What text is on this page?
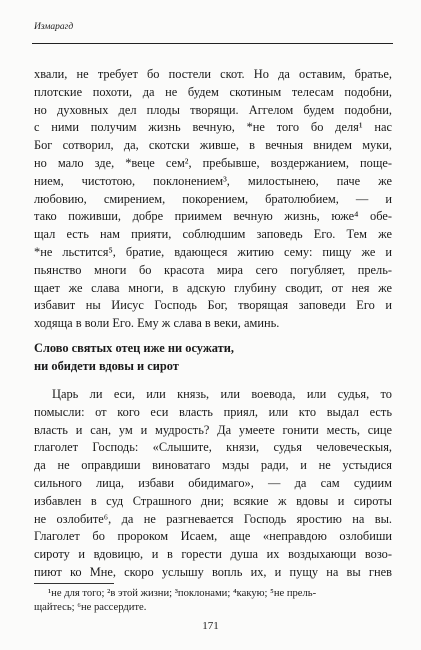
Измарагд
хвали, не требует бо постели скот. Но да оставим, братье,
плотские похоти, да не будем скотиным телесам подобни,
но духовных дел плоды творящи. Аггелом будем подобни,
с ними получим жизнь вечную, *не того бо деля¹ нас
Бог сотворил, да, скотски живше, в вечныя внидем муки,
но мало зде, *веце сем², пребывше, воздержанием, поще-
нием, чистотою, поклонением³, милостынею, паче же
любовию, смирением, покорением, братолюбием, — и
тако поживши, добре приимем вечную жизнь, юже⁴ обе-
щал есть нам прияти, соблюдшим заповедь Его. Тем же
*не льстится⁵, братие, вдающеся житию сему: пищу же и
пьянство многи бо красота мира сего погубляет, прель-
щает же слава многи, в адскую глубину сводит, от нея же
избавит ны Иисус Господь Бог, творящая заповеди Его и
ходяща в воли Его. Ему ж слава в веки, аминь.
Слово святых отец иже ни осужати,
ни обидети вдовы и сирот
Царь ли еси, или князь, или воевода, или судья, то
помысли: от кого еси власть приял, или кто выдал есть
власть и сан, ум и мудрость? Да умеете гонити месть, сице
глаголет Господь: «Слышите, князи, судья человеческыя,
да не оправдиши виноватаго мзды ради, и не устыдися
сильного лица, избави обидимаго», — да сам судиим
избавлен в суд Страшного дни; всякие ж вдовы и сироты
не озлобите⁶, да не разгневается Господь яростию на вы.
Глаголет бо пророком Исаем, аще «неправдою озлобиши
сироту и вдовицю, и в горести душа их воздыхающи возо-
пиют ко Мне, скоро услышу вопль их, и пущу на вы гнев
¹не для того; ²в этой жизни; ³поклонами; ⁴какую; ⁵не прель-
щайтесь; ⁶не рассердите.
171
